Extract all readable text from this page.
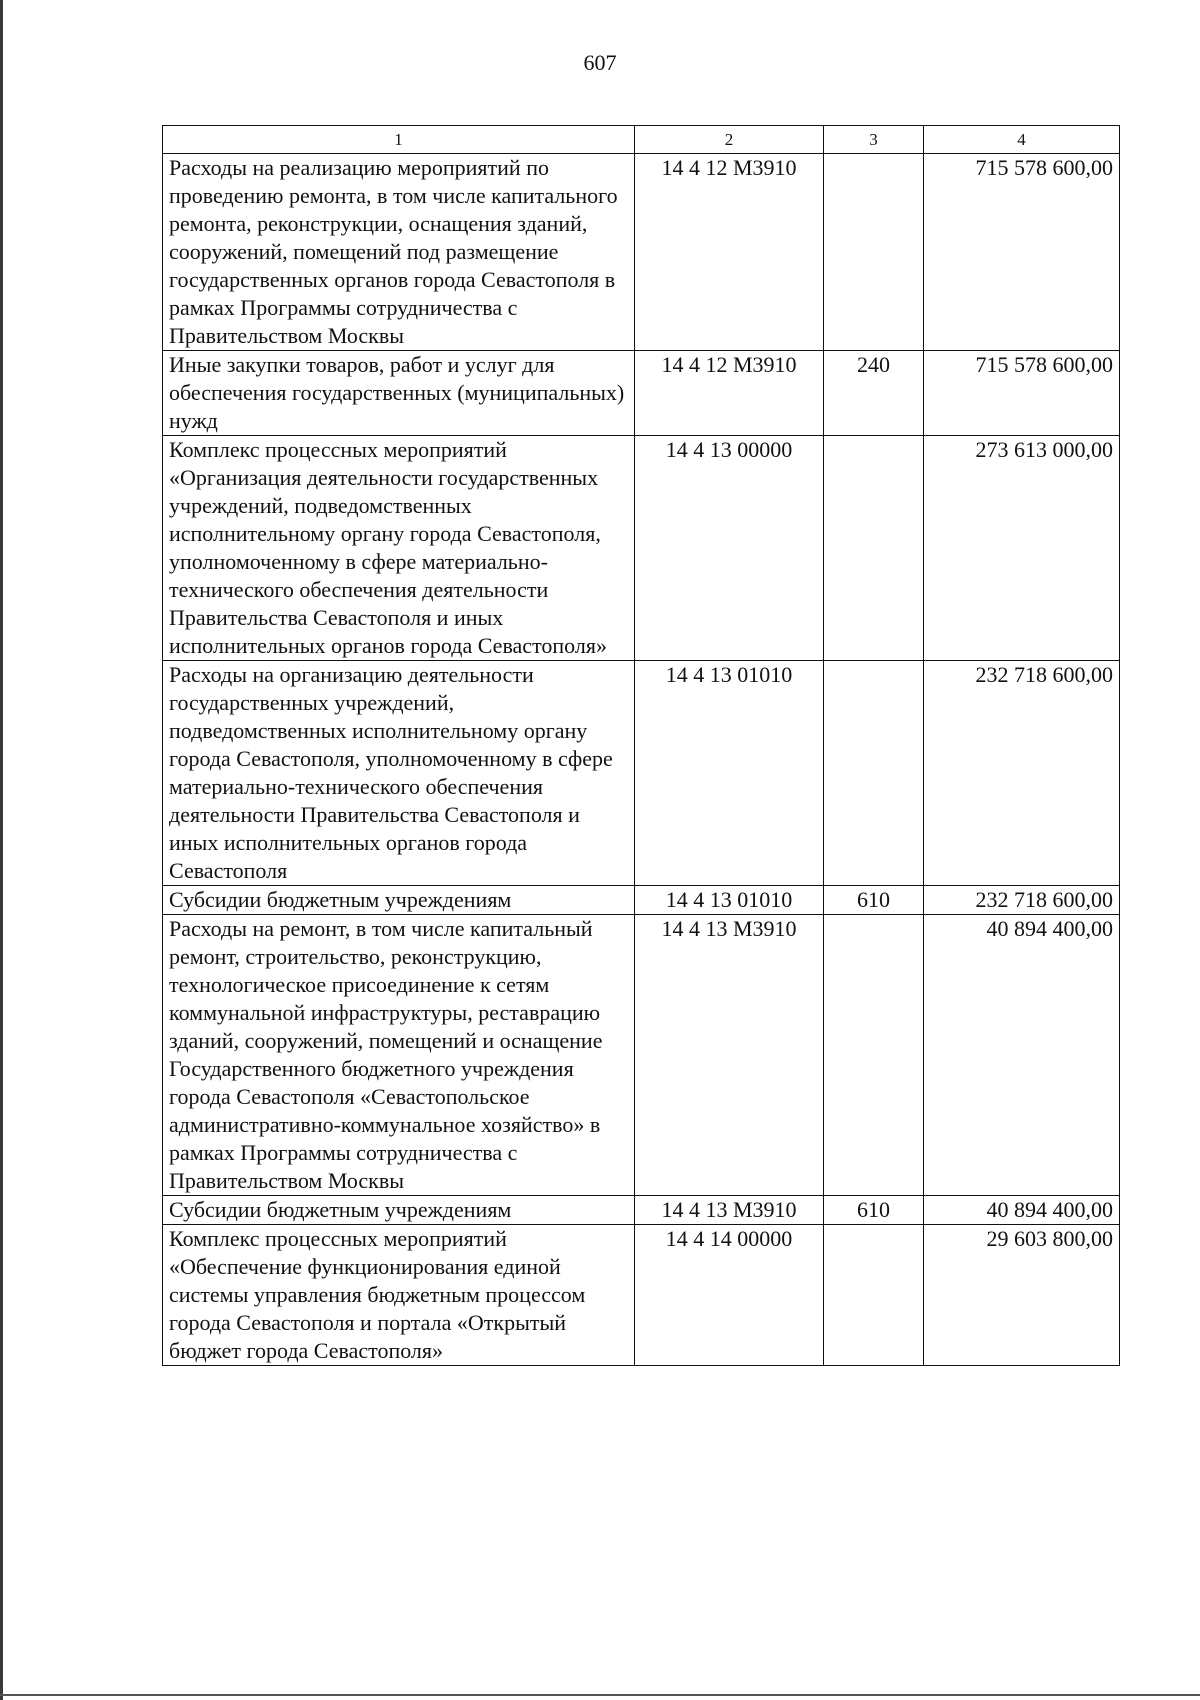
607
1	2	3	4
Расходы на реализацию мероприятий по проведению ремонта, в том числе капитального ремонта, реконструкции, оснащения зданий, сооружений, помещений под размещение государственных органов города Севастополя в рамках Программы сотрудничества с Правительством Москвы	14 4 12 М3910		715 578 600,00
Иные закупки товаров, работ и услуг для обеспечения государственных (муниципальных) нужд	14 4 12 М3910	240	715 578 600,00
Комплекс процессных мероприятий «Организация деятельности государственных учреждений, подведомственных исполнительному органу города Севастополя, уполномоченному в сфере материально-технического обеспечения деятельности Правительства Севастополя и иных исполнительных органов города Севастополя»	14 4 13 00000		273 613 000,00
Расходы на организацию деятельности государственных учреждений, подведомственных исполнительному органу города Севастополя, уполномоченному в сфере материально-технического обеспечения деятельности Правительства Севастополя и иных исполнительных органов города Севастополя	14 4 13 01010		232 718 600,00
Субсидии бюджетным учреждениям	14 4 13 01010	610	232 718 600,00
Расходы на ремонт, в том числе капитальный ремонт, строительство, реконструкцию, технологическое присоединение к сетям коммунальной инфраструктуры, реставрацию зданий, сооружений, помещений и оснащение Государственного бюджетного учреждения города Севастополя «Севастопольское административно-коммунальное хозяйство» в рамках Программы сотрудничества с Правительством Москвы	14 4 13 М3910		40 894 400,00
Субсидии бюджетным учреждениям	14 4 13 М3910	610	40 894 400,00
Комплекс процессных мероприятий «Обеспечение функционирования единой системы управления бюджетным процессом города Севастополя и портала «Открытый бюджет города Севастополя»	14 4 14 00000		29 603 800,00
